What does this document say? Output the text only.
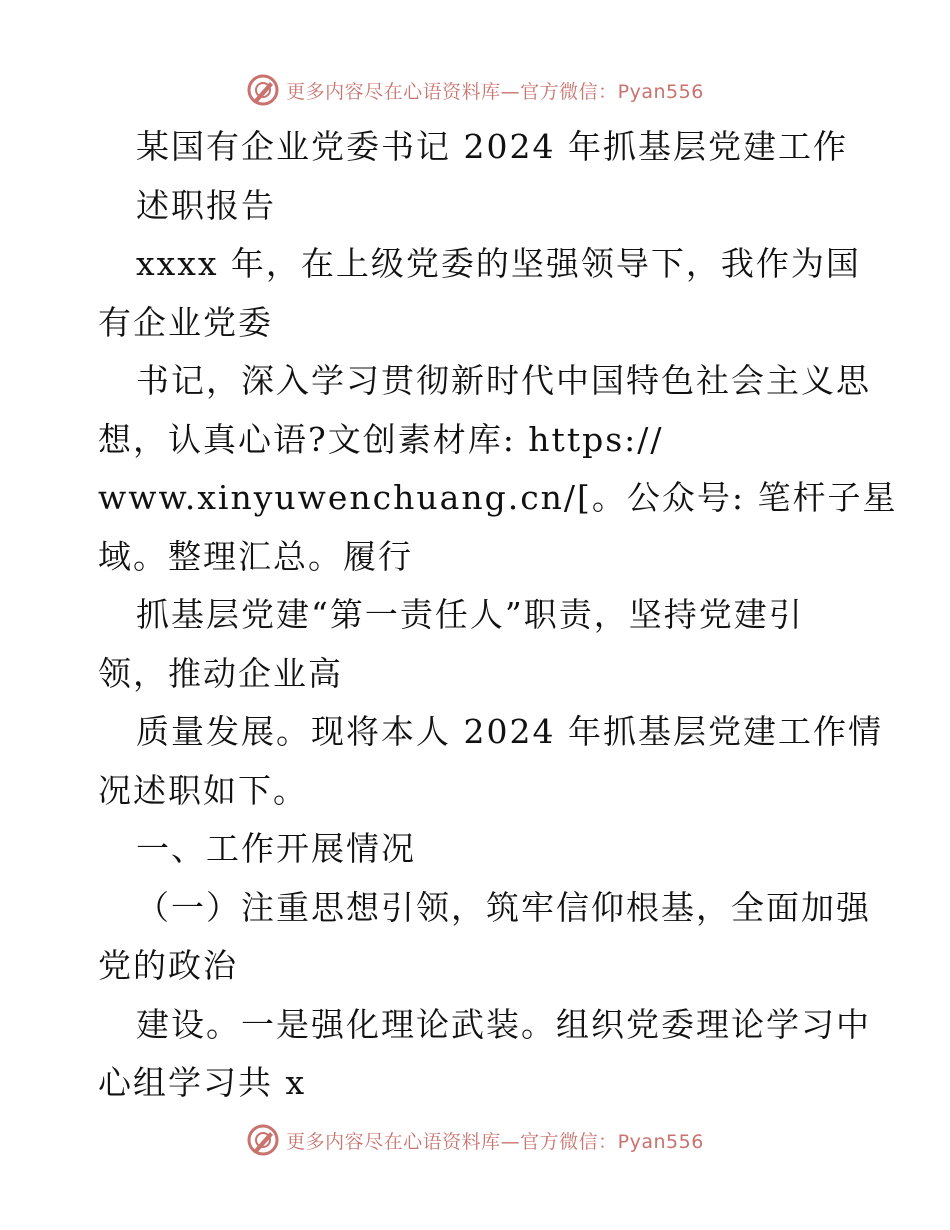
更多内容尽在心语资料库—官方微信：Pyan556
某国有企业党委书记 2024 年抓基层党建工作
述职报告
xxxx 年，在上级党委的坚强领导下，我作为国
有企业党委
书记，深入学习贯彻新时代中国特色社会主义思
想，认真心语?文创素材库: https://
www.xinyuwenchuang.cn/[。公众号: 笔杆子星
域。整理汇总。履行
抓基层党建“第一责任人”职责，坚持党建引
领，推动企业高
质量发展。现将本人 2024 年抓基层党建工作情
况述职如下。
一、工作开展情况
（一）注重思想引领，筑牢信仰根基，全面加强
党的政治
建设。一是强化理论武装。组织党委理论学习中
心组学习共 x
更多内容尽在心语资料库—官方微信：Pyan556
